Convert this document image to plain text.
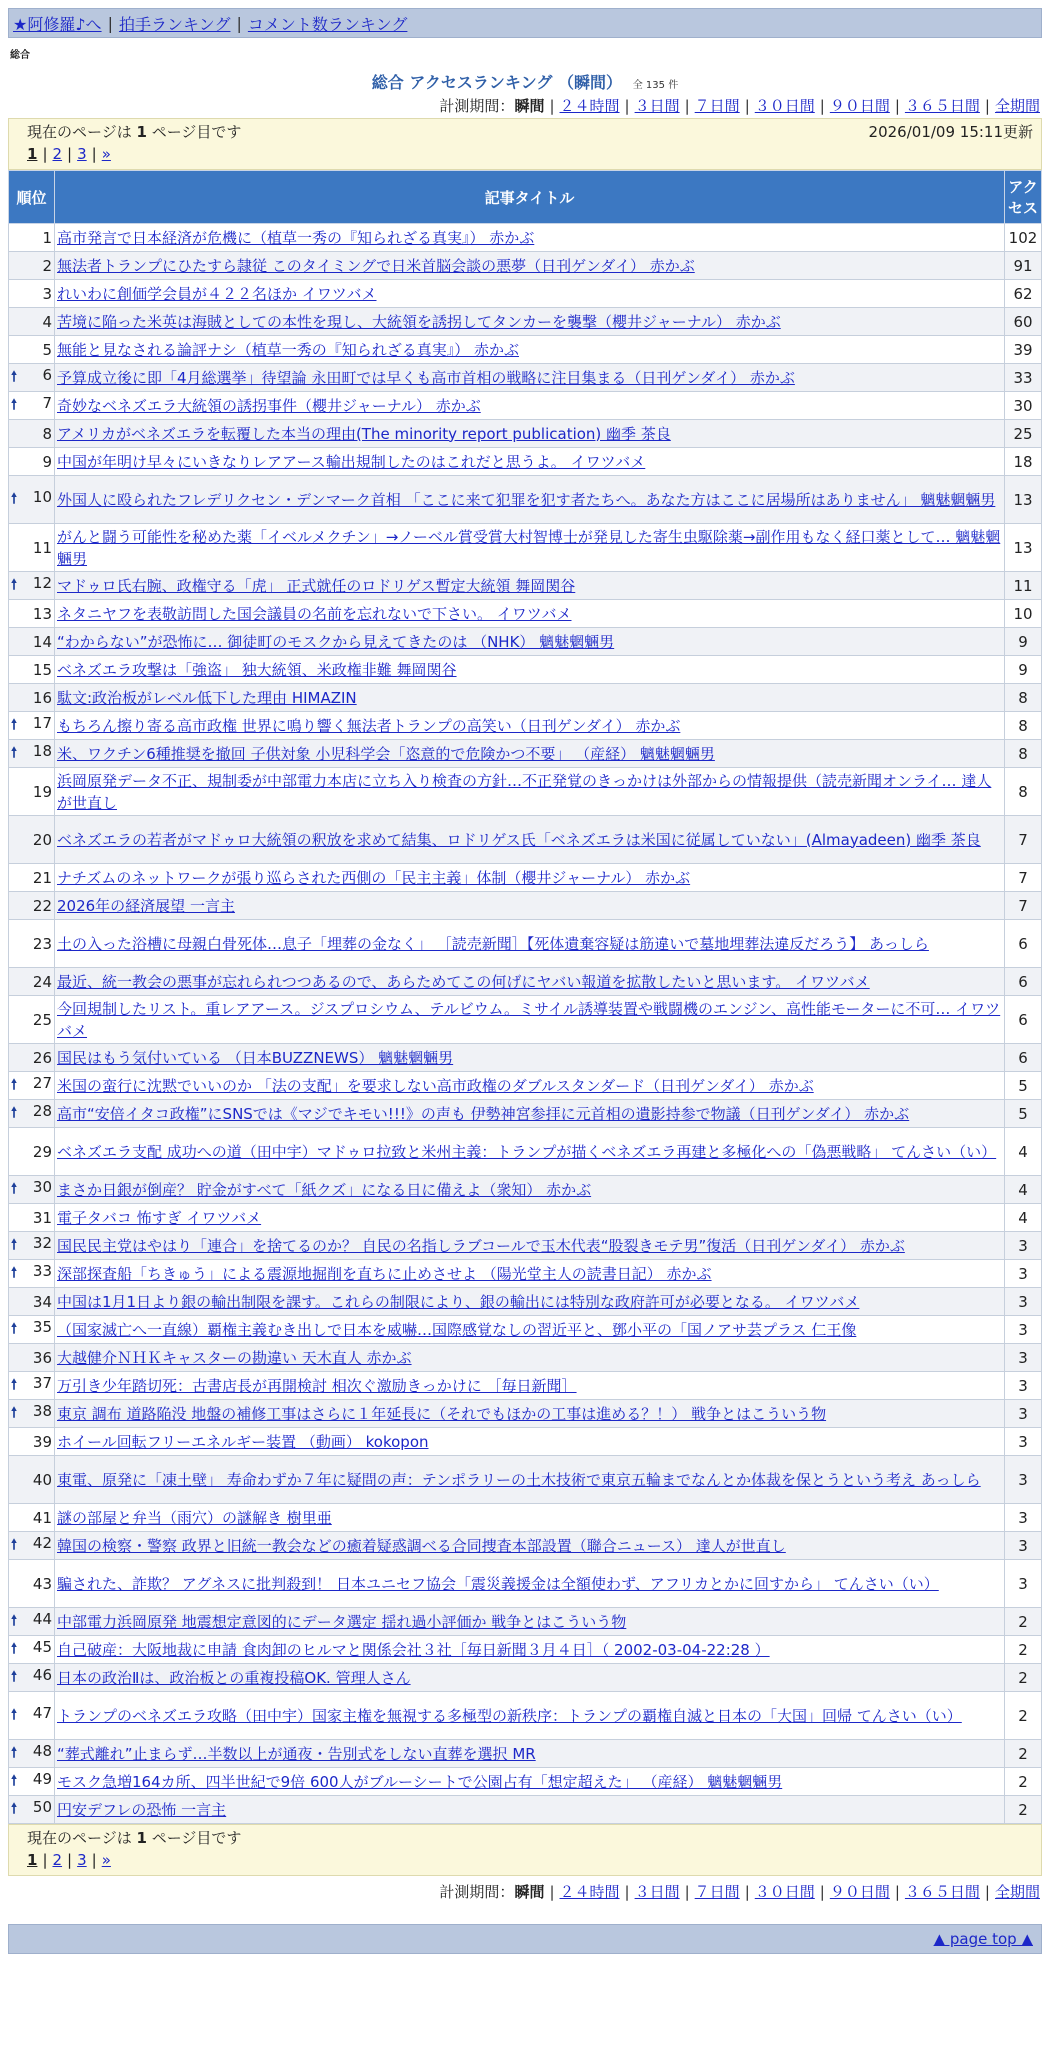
★阿修羅♪へ | 拍手ランキング | コメント数ランキング
総合
総合 アクセスランキング （瞬間） 全 135 件
計測期間：瞬間 | ２４時間 | ３日間 | ７日間 | ３０日間 | ９０日間 | ３６５日間 | 全期間
現在のページは 1 ページ目です	2026/01/09 15:11更新
1 | 2 | 3 | »
順位	記事タイトル	アクセス
1	高市発言で日本経済が危機に（植草一秀の『知られざる真実』） 赤かぶ	102
2	無法者トランプにひたすら隷従 このタイミングで日米首脳会談の悪夢（日刊ゲンダイ） 赤かぶ	91
3	れいわに創価学会員が４２２名ほか イワツバメ	62
4	苦境に陥った米英は海賊としての本性を現し、大統領を誘拐してタンカーを襲撃（櫻井ジャーナル） 赤かぶ	60
5	無能と見なされる論評ナシ（植草一秀の『知られざる真実』） 赤かぶ	39

🠕 6	予算成立後に即「4月総選挙」待望論 永田町では早くも高市首相の戦略に注目集まる（日刊ゲンダイ） 赤かぶ	33

🠕 7	奇妙なベネズエラ大統領の誘拐事件（櫻井ジャーナル） 赤かぶ	30
8	アメリカがベネズエラを転覆した本当の理由(The minority report publication) 幽季 茶良	25
9	中国が年明け早々にいきなりレアアース輸出規制したのはこれだと思うよ。 イワツバメ	18

🠕 10	外国人に殴られたフレデリクセン・デンマーク首相 「ここに来て犯罪を犯す者たちへ。あなた方はここに居場所はありません」 魑魅魍魎男	13
11	がんと闘う可能性を秘めた薬「イベルメクチン」→ノーベル賞受賞大村智博士が発見した寄生虫駆除薬→副作用もなく経口薬として… 魑魅魍魎男	13

🠕 12	マドゥロ氏右腕、政権守る「虎」 正式就任のロドリゲス暫定大統領 舞岡関谷	11
13	ネタニヤフを表敬訪問した国会議員の名前を忘れないで下さい。 イワツバメ	10
14	“わからない”が恐怖に… 御徒町のモスクから見えてきたのは （NHK） 魑魅魍魎男	9
15	ベネズエラ攻撃は「強盗」 独大統領、米政権非難 舞岡関谷	9
16	駄文:政治板がレベル低下した理由 HIMAZIN	8

🠕 17	もちろん擦り寄る高市政権 世界に鳴り響く無法者トランプの高笑い（日刊ゲンダイ） 赤かぶ	8

🠕 18	米、ワクチン6種推奨を撤回 子供対象 小児科学会「恣意的で危険かつ不要」 （産経） 魑魅魍魎男	8
19	浜岡原発データ不正、規制委が中部電力本店に立ち入り検査の方針…不正発覚のきっかけは外部からの情報提供（読売新聞オンライ… 達人が世直し	8
20	ベネズエラの若者がマドゥロ大統領の釈放を求めて結集、ロドリゲス氏「ベネズエラは米国に従属していない」(Almayadeen) 幽季 茶良	7
21	ナチズムのネットワークが張り巡らされた西側の「民主主義」体制（櫻井ジャーナル） 赤かぶ	7
22	2026年の経済展望 一言主	7
23	土の入った浴槽に母親白骨死体…息子「埋葬の金なく」 ［読売新聞］【死体遺棄容疑は筋違いで墓地埋葬法違反だろう】 あっしら	6
24	最近、統一教会の悪事が忘れられつつあるので、あらためてこの何げにヤバい報道を拡散したいと思います。 イワツバメ	6
25	今回規制したリスト。重レアアース。ジスプロシウム、テルビウム。ミサイル誘導装置や戦闘機のエンジン、高性能モーターに不可… イワツバメ	6
26	国民はもう気付いている （日本BUZZNEWS） 魑魅魍魎男	6

🠕 27	米国の蛮行に沈黙でいいのか 「法の支配」を要求しない高市政権のダブルスタンダード（日刊ゲンダイ） 赤かぶ	5

🠕 28	高市“安倍イタコ政権”にSNSでは《マジでキモい!!!》の声も 伊勢神宮参拝に元首相の遺影持参で物議（日刊ゲンダイ） 赤かぶ	5
29	ベネズエラ支配 成功への道（田中宇）マドゥロ拉致と米州主義：トランプが描くベネズエラ再建と多極化への「偽悪戦略」 てんさい（い）	4

🠕 30	まさか日銀が倒産？ 貯金がすべて「紙クズ」になる日に備えよ（衆知） 赤かぶ	4
31	電子タバコ 怖すぎ イワツバメ	4

🠕 32	国民民主党はやはり「連合」を捨てるのか？ 自民の名指しラブコールで玉木代表“股裂きモテ男”復活（日刊ゲンダイ） 赤かぶ	3

🠕 33	深部探査船「ちきゅう」による震源地掘削を直ちに止めさせよ （陽光堂主人の読書日記） 赤かぶ	3
34	中国は1月1日より銀の輸出制限を課す。これらの制限により、銀の輸出には特別な政府許可が必要となる。 イワツバメ	3

🠕 35	（国家滅亡へ一直線）覇権主義むき出しで日本を威嚇…国際感覚なしの習近平と、鄧小平の「国ノアサ芸プラス 仁王像	3
36	大越健介ＮＨＫキャスターの勘違い 天木直人 赤かぶ	3

🠕 37	万引き少年踏切死：古書店長が再開検討 相次ぐ激励きっかけに ［毎日新聞］	3

🠕 38	東京 調布 道路陥没 地盤の補修工事はさらに１年延長に（それでもほかの工事は進める？！） 戦争とはこういう物	3
39	ホイール回転フリーエネルギー装置 （動画） kokopon	3
40	東電、原発に「凍土壁」 寿命わずか７年に疑問の声：テンポラリーの土木技術で東京五輪までなんとか体裁を保とうという考え あっしら	3
41	謎の部屋と弁当（雨穴）の謎解き 樹里亜	3

🠕 42	韓国の検察・警察 政界と旧統一教会などの癒着疑惑調べる合同捜査本部設置（聯合ニュース） 達人が世直し	3
43	騙された、詐欺？ アグネスに批判殺到！ 日本ユニセフ協会「震災義援金は全額使わず、アフリカとかに回すから」 てんさい（い）	3

🠕 44	中部電力浜岡原発 地震想定意図的にデータ選定 揺れ過小評価か 戦争とはこういう物	2

🠕 45	自己破産：大阪地裁に申請 食肉卸のヒルマと関係会社３社［毎日新聞３月４日］（ 2002-03-04-22:28 ）	2

🠕 46	日本の政治Ⅱは、政治板との重複投稿OK. 管理人さん	2

🠕 47	トランプのベネズエラ攻略（田中宇）国家主権を無視する多極型の新秩序：トランプの覇権自滅と日本の「大国」回帰 てんさい（い）	2

🠕 48	“葬式離れ”止まらず…半数以上が通夜・告別式をしない直葬を選択 MR	2

🠕 49	モスク急増164カ所、四半世紀で9倍 600人がブルーシートで公園占有「想定超えた」 （産経） 魑魅魍魎男	2

🠕 50	円安デフレの恐怖 一言主	2
現在のページは 1 ページ目です
1 | 2 | 3 | »
計測期間：瞬間 | ２４時間 | ３日間 | ７日間 | ３０日間 | ９０日間 | ３６５日間 | 全期間
▲ page top ▲
